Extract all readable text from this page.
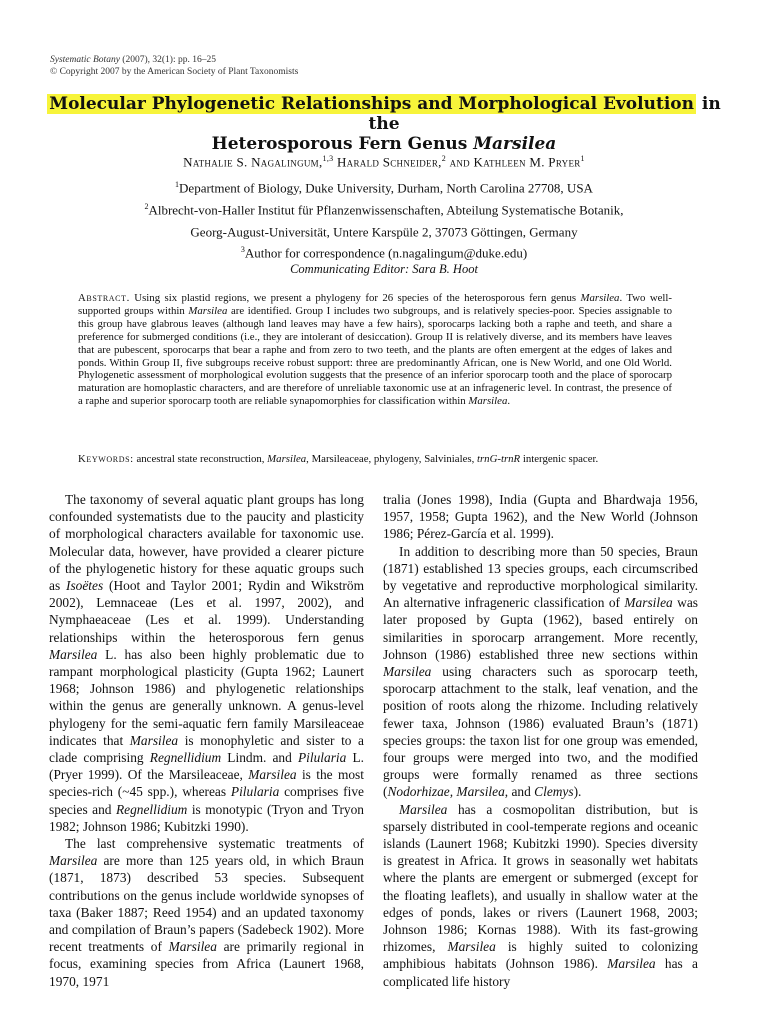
Systematic Botany (2007), 32(1): pp. 16–25
© Copyright 2007 by the American Society of Plant Taxonomists
Molecular Phylogenetic Relationships and Morphological Evolution in the
Heterosporous Fern Genus Marsilea
Nathalie S. Nagalingum,$^{1,3}$ Harald Schneider,$^2$ and Kathleen M. Pryer$^1$
$^1$Department of Biology, Duke University, Durham, North Carolina 27708, USA
$^2$Albrecht-von-Haller Institut für Pflanzenwissenschaften, Abteilung Systematische Botanik,
Georg-August-Universität, Untere Karspüle 2, 37073 Göttingen, Germany
$^3$Author for correspondence (n.nagalingum@duke.edu)
Communicating Editor: Sara B. Hoot
Abstract. Using six plastid regions, we present a phylogeny for 26 species of the heterosporous fern genus Marsilea. Two well-supported groups within Marsilea are identified. Group I includes two subgroups, and is relatively species-poor. Species assignable to this group have glabrous leaves (although land leaves may have a few hairs), sporocarps lacking both a raphe and teeth, and share a preference for submerged conditions (i.e., they are intolerant of desiccation). Group II is relatively diverse, and its members have leaves that are pubescent, sporocarps that bear a raphe and from zero to two teeth, and the plants are often emergent at the edges of lakes and ponds. Within Group II, five subgroups receive robust support: three are predominantly African, one is New World, and one Old World. Phylogenetic assessment of morphological evolution suggests that the presence of an inferior sporocarp tooth and the place of sporocarp maturation are homoplastic characters, and are therefore of unreliable taxonomic use at an infrageneric level. In contrast, the presence of a raphe and superior sporocarp tooth are reliable synapomorphies for classification within Marsilea.
Keywords: ancestral state reconstruction, Marsilea, Marsileaceae, phylogeny, Salviniales, trnG-trnR intergenic spacer.

The taxonomy of several aquatic plant groups has long confounded systematists due to the paucity and plasticity of morphological characters available for taxonomic use. Molecular data, however, have provided a clearer picture of the phylogenetic history for these aquatic groups such as Isoëtes (Hoot and Taylor 2001; Rydin and Wikström 2002), Lemnaceae (Les et al. 1997, 2002), and Nymphaeaceae (Les et al. 1999). Understanding relationships within the heterosporous fern genus Marsilea L. has also been highly problematic due to rampant morphological plasticity (Gupta 1962; Launert 1968; Johnson 1986) and phylogenetic relationships within the genus are generally unknown. A genus-level phylogeny for the semi-aquatic fern family Marsileaceae indicates that Marsilea is monophyletic and sister to a clade comprising Regnellidium Lindm. and Pilularia L. (Pryer 1999). Of the Marsileaceae, Marsilea is the most species-rich (~45 spp.), whereas Pilularia comprises five species and Regnellidium is monotypic (Tryon and Tryon 1982; Johnson 1986; Kubitzki 1990).

The last comprehensive systematic treatments of Marsilea are more than 125 years old, in which Braun (1871, 1873) described 53 species. Subsequent contributions on the genus include worldwide synopses of taxa (Baker 1887; Reed 1954) and an updated taxonomy and compilation of Braun’s papers (Sadebeck 1902). More recent treatments of Marsilea are primarily regional in focus, examining species from Africa (Launert 1968, 1970, 1971

tralia (Jones 1998), India (Gupta and Bhardwaja 1956, 1957, 1958; Gupta 1962), and the New World (Johnson 1986; Pérez-García et al. 1999).

In addition to describing more than 50 species, Braun (1871) established 13 species groups, each circumscribed by vegetative and reproductive morphological similarity. An alternative infrageneric classification of Marsilea was later proposed by Gupta (1962), based entirely on similarities in sporocarp arrangement. More recently, Johnson (1986) established three new sections within Marsilea using characters such as sporocarp teeth, sporocarp attachment to the stalk, leaf venation, and the position of roots along the rhizome. Including relatively fewer taxa, Johnson (1986) evaluated Braun’s (1871) species groups: the taxon list for one group was emended, four groups were merged into two, and the modified groups were formally renamed as three sections (Nodorhizae, Marsilea, and Clemys).

Marsilea has a cosmopolitan distribution, but is sparsely distributed in cool-temperate regions and oceanic islands (Launert 1968; Kubitzki 1990). Species diversity is greatest in Africa. It grows in seasonally wet habitats where the plants are emergent or submerged (except for the floating leaflets), and usually in shallow water at the edges of ponds, lakes or rivers (Launert 1968, 2003; Johnson 1986; Kornas 1988). With its fast-growing rhizomes, Marsilea is highly suited to colonizing amphibious habitats (Johnson 1986). Marsilea has a complicated life history
